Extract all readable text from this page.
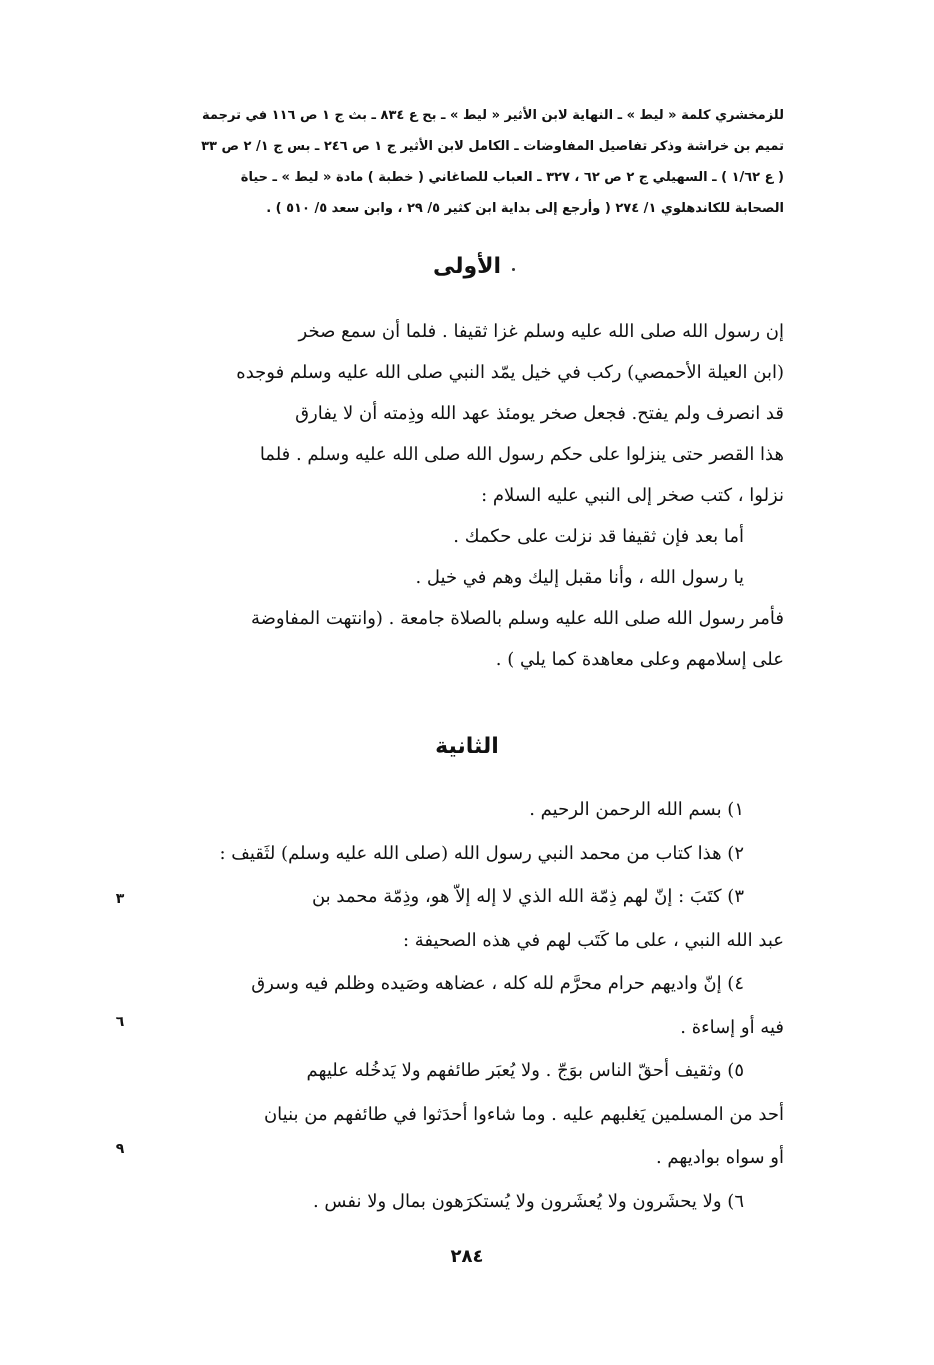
للزمخشري كلمة « ليط » ـ النهاية لابن الأثير « ليط » ـ بح ع ٨٣٤ ـ بث ج ١ ص ١١٦ في ترجمة
تميم بن خراشة وذكر تفاصيل المفاوضات ـ الكامل لابن الأثير ج ١ ص ٢٤٦ ـ بس ج ١/ ٢ ص ٣٣
( ع ١/٦٢ ) ـ السهيلي ج ٢ ص ٦٢ ، ٣٢٧ ـ العباب للصاغاني ( خطبة ) مادة « ليط » ـ حياة
الصحابة للكاندهلوي ١/ ٢٧٤ ( وأرجع إلى بداية ابن كثير ٥/ ٢٩ ، وابن سعد ٥/ ٥١٠ ) .
الأولى
إن رسول الله صلى الله عليه وسلم غزا ثقيفا . فلما أن سمع صخر
(ابن العيلة الأحمصي) ركب في خيل يمّد النبي صلى الله عليه وسلم فوجده
قد انصرف ولم يفتح. فجعل صخر يومئذ عهد الله وذِمته أن لا يفارق
هذا القصر حتى ينزلوا على حكم رسول الله صلى الله عليه وسلم . فلما
نزلوا ، كتب صخر إلى النبي عليه السلام :
أما بعد فإن ثقيفا قد نزلت على حكمك .
يا رسول الله ، وأنا مقبل إليك وهم في خيل .
فأمر رسول الله صلى الله عليه وسلم بالصلاة جامعة . (وانتهت المفاوضة
على إسلامهم وعلى معاهدة كما يلي ) .
الثانية
١) بسم الله الرحمن الرحيم .
٢) هذا كتاب من محمد النبي رسول الله (صلى الله عليه وسلم) لثَقيف :
٣) كتَبَ : إنّ لهم ذِمّة الله الذي لا إله إلاّ هو، وذِمّة محمد بن
عبد الله النبي ، على ما كَتَب لهم في هذه الصحيفة :
٤) إنّ واديهم حرام محرَّم لله كله ، عضاهه وصَيده وظلم فيه وسرق
فيه أو إساءة .
٥) وثقيف أحقّ الناس بوَجّ . ولا يُعبَر طائفهم ولا يَدخُله عليهم
أحد من المسلمين يَغلبهم عليه . وما شاءوا أحدَثوا في طائفهم من بنيان
أو سواه بواديهم .
٦) ولا يحشَرون ولا يُعشَرون ولا يُستكرَهون بمال ولا نفس .
٣
٦
٩
٢٨٤
